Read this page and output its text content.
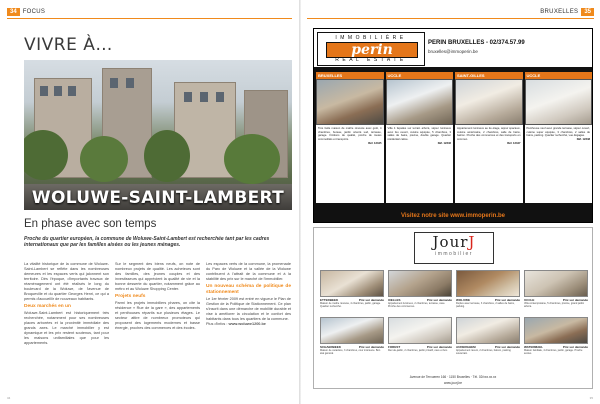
34	FOCUS
VIVRE À…
WOLUWE-SAINT-LAMBERT
En phase avec son temps
Proche du quartier européen, la commune de Woluwe-Saint-Lambert est recherchée tant par les cadres internationaux que par les familles aisées ou les jeunes ménages.

La vitalité historique de la commune de Woluwe-Saint-Lambert se reflète dans les nombreuses demeures et les espaces verts qui jalonnent son territoire. Dès l'époque, d'importants travaux de réaménagement ont été réalisés le long du boulevard de la Woluwe, de l'avenue de Broqueville et du quartier Georges Henri, ce qui a permis d'accueillir de nouveaux habitants.

Deux marchés en un

Woluwe-Saint-Lambert est historiquement très recherchée, notamment pour ses nombreuses places arborées et la proximité immédiate des grands axes. Le marché immobilier y est dynamique et les prix restent soutenus, tant pour les maisons unifamiliales que pour les appartements.

Sur le segment des biens neufs, on note de nombreux projets de qualité. Les acheteurs sont des familles, des jeunes couples et des investisseurs qui apprécient la qualité de vie et la bonne desserte du quartier, notamment grâce au métro et au Woluwe Shopping Center.

Projets neufs

Parmi les projets immobiliers phares, on cite la résidence « Rue de la gare », des appartements et penthouses répartis sur plusieurs étages. Le secteur attire de nombreux promoteurs qui proposent des logements modernes et basse énergie, proches des commerces et des écoles.

Les espaces verts de la commune, la promenade du Parc de Woluwe et la vallée de la Woluwe contribuent à l'attrait de la commune et à la stabilité des prix sur le marché de l'immobilier.

Un nouveau schéma de politique de stationnement

Le 1er février 2009 est entré en vigueur le Plan de Gestion de la Politique de Stationnement. Ce plan s'inscrit dans une démarche de mobilité durable et vise à améliorer la circulation et le confort des habitants dans tous les quartiers de la commune.

Plus d'infos : www.woluwe1200.be

BRUXELLES	35
IMMOBILIÈRE
perin
REAL ESTATE
PERIN BRUXELLES - 02/374.57.99
bruxelles@immoperin.be
BRUXELLES
Très belle maison de maître rénovée avec goût, 4 chambres, bureau, jardin orienté sud, terrasse, garage. Finitions de qualité, proche de toutes commodités et transports.
Réf. 12345
UCCLE
Villa 4 façades sur terrain arboré, séjour lumineux avec feu ouvert, cuisine équipée, 5 chambres, 3 salles de bains, piscine, double garage. Quartier résidentiel calme.
Réf. 12346
SAINT-GILLES
Appartement lumineux au 2e étage, séjour spacieux, cuisine américaine, 2 chambres, salle de bains, balcon. Proche des commerces et des transports en commun.
Réf. 12347
UCCLE
Penthouse neuf avec grande terrasse, séjour ouvert, cuisine super équipée, 3 chambres, 2 salles de bains, parking. Quartier recherché, vue dégagée.
Réf. 12348
Visitez notre site www.immoperin.be
JourJ
immobilier
ETTERBEEK	Prix sur demande
Maison de maître rénovée, 4 chambres, jardin, garage. Quartier recherché.
IXELLES	Prix sur demande
Appartement lumineux, 2 chambres, terrasse, cave. Proche des commerces.
WOLUWE	Prix sur demande
Duplex avec terrasse, 3 chambres, 2 salles de bains, parking.
UCCLE	Prix sur demande
Villa contemporaine, 5 chambres, piscine, grand jardin arboré.
SCHAERBEEK	Prix sur demande
Maison de caractère, 3 chambres, cour intérieure. Bon état général.
FOREST	Prix sur demande
Rez-de-jardin, 2 chambres, jardin privatif, cave et box.
AUDERGHEM	Prix sur demande
Appartement récent, 2 chambres, balcon, parking souterrain.
WATERMAEL	Prix sur demande
Maison familiale, 4 chambres, jardin, garage. Proche écoles.
Avenue de Tervueren 166 · 1150 Bruxelles · Tél. 02/xxx.xx.xx
www.jourj.be
34	35
